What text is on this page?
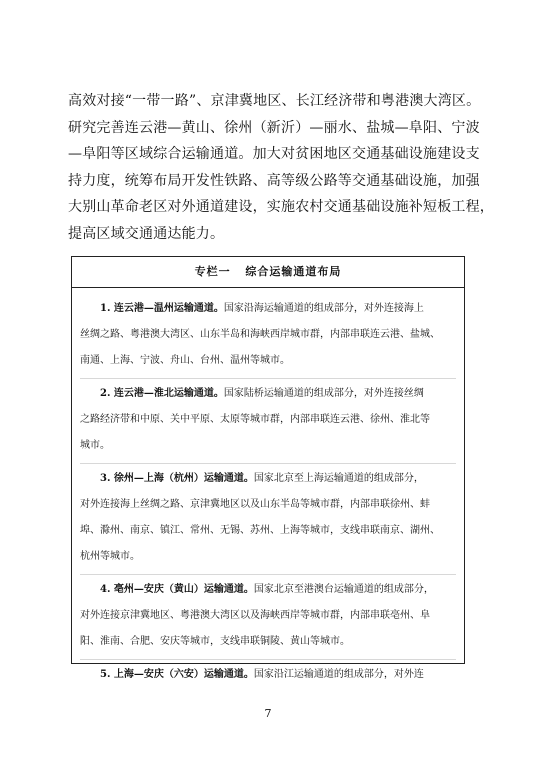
高效对接“一带一路”、京津冀地区、长江经济带和粤港澳大湾区。

研究完善连云港—黄山、徐州（新沂）—丽水、盐城—阜阳、宁波

—阜阳等区域综合运输通道。加大对贫困地区交通基础设施建设支

持力度，统筹布局开发性铁路、高等级公路等交通基础设施，加强

大别山革命老区对外通道建设，实施农村交通基础设施补短板工程，

提高区域交通通达能力。

专栏一 综合运输通道布局
1. 连云港—温州运输通道。国家沿海运输通道的组成部分，对外连接海上
丝绸之路、粤港澳大湾区、山东半岛和海峡西岸城市群，内部串联连云港、盐城、
南通、上海、宁波、舟山、台州、温州等城市。
2. 连云港—淮北运输通道。国家陆桥运输通道的组成部分，对外连接丝绸
之路经济带和中原、关中平原、太原等城市群，内部串联连云港、徐州、淮北等
城市。
3. 徐州—上海（杭州）运输通道。国家北京至上海运输通道的组成部分，
对外连接海上丝绸之路、京津冀地区以及山东半岛等城市群，内部串联徐州、蚌
埠、滁州、南京、镇江、常州、无锡、苏州、上海等城市，支线串联南京、湖州、
杭州等城市。
4. 亳州—安庆（黄山）运输通道。国家北京至港澳台运输通道的组成部分，
对外连接京津冀地区、粤港澳大湾区以及海峡西岸等城市群，内部串联亳州、阜
阳、淮南、合肥、安庆等城市，支线串联铜陵、黄山等城市。
5. 上海—安庆（六安）运输通道。国家沿江运输通道的组成部分，对外连
7
